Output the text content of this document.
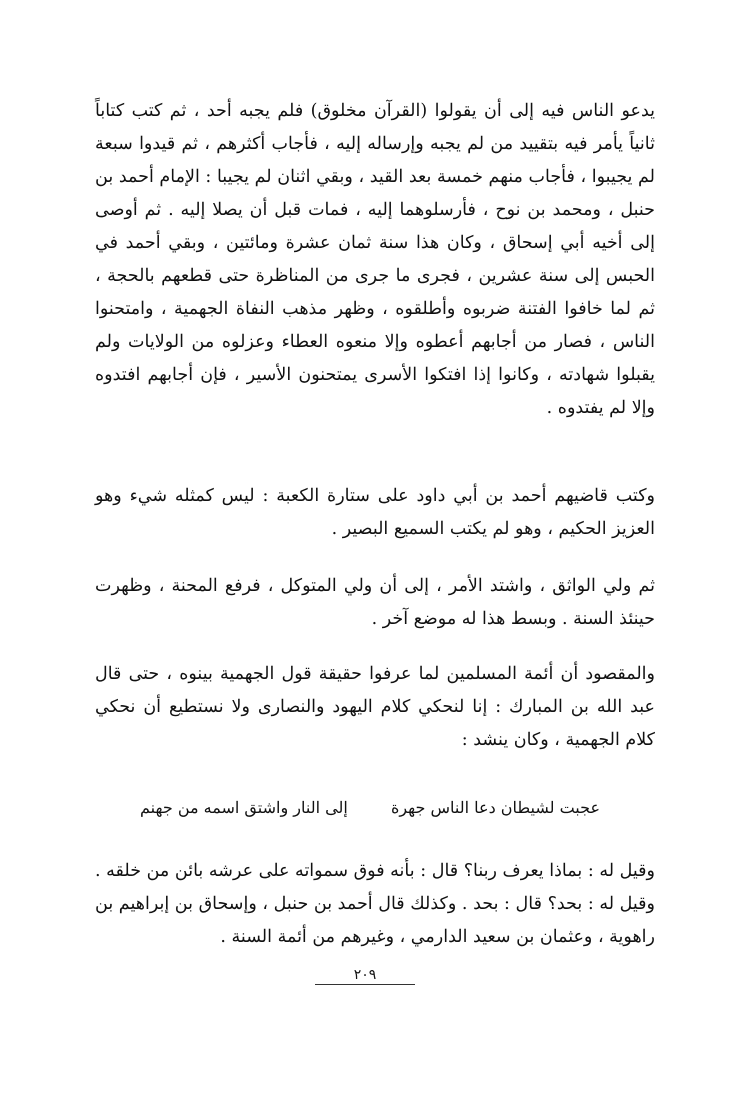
يدعو الناس فيه إلى أن يقولوا (القرآن مخلوق) فلم يجبه أحد ، ثم كتب كتاباً ثانياً يأمر فيه بتقييد من لم يجبه وإرساله إليه ، فأجاب أكثرهم ، ثم قيدوا سبعة لم يجيبوا ، فأجاب منهم خمسة بعد القيد ، وبقي اثنان لم يجيبا : الإمام أحمد بن حنبل ، ومحمد بن نوح ، فأرسلوهما إليه ، فمات قبل أن يصلا إليه . ثم أوصى إلى أخيه أبي إسحاق ، وكان هذا سنة ثمان عشرة ومائتين ، وبقي أحمد في الحبس إلى سنة عشرين ، فجرى ما جرى من المناظرة حتى قطعهم بالحجة ، ثم لما خافوا الفتنة ضربوه وأطلقوه ، وظهر مذهب النفاة الجهمية ، وامتحنوا الناس ، فصار من أجابهم أعطوه وإلا منعوه العطاء وعزلوه من الولايات ولم يقبلوا شهادته ، وكانوا إذا افتكوا الأسرى يمتحنون الأسير ، فإن أجابهم افتدوه وإلا لم يفتدوه .

وكتب قاضيهم أحمد بن أبي داود على ستارة الكعبة : ليس كمثله شيء وهو العزيز الحكيم ، وهو لم يكتب السميع البصير .

ثم ولي الواثق ، واشتد الأمر ، إلى أن ولي المتوكل ، فرفع المحنة ، وظهرت حينئذ السنة . وبسط هذا له موضع آخر .

والمقصود أن أئمة المسلمين لما عرفوا حقيقة قول الجهمية بينوه ، حتى قال عبد الله بن المبارك : إنا لنحكي كلام اليهود والنصارى ولا نستطيع أن نحكي كلام الجهمية ، وكان ينشد :

عجبت لشيطان دعا الناس جهرة
إلى النار واشتق اسمه من جهنم

وقيل له : بماذا يعرف ربنا؟ قال : بأنه فوق سمواته على عرشه بائن من خلقه . وقيل له : بحد؟ قال : بحد . وكذلك قال أحمد بن حنبل ، وإسحاق بن إبراهيم بن راهوية ، وعثمان بن سعيد الدارمي ، وغيرهم من أئمة السنة .

٢٠٩
